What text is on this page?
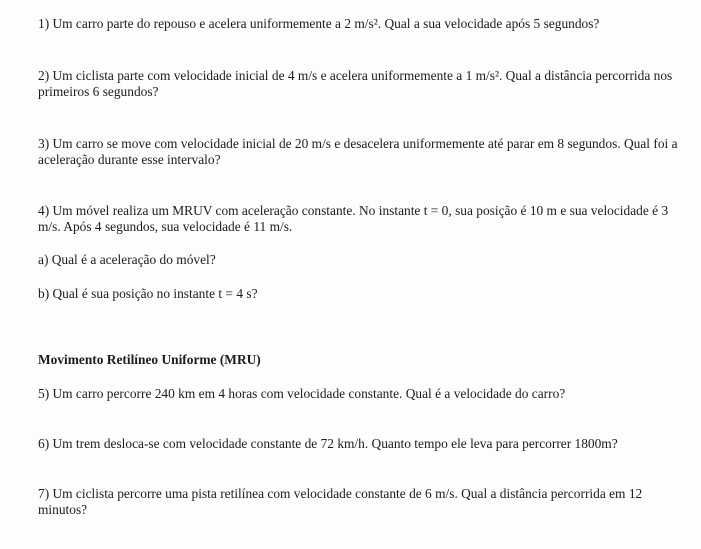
1) Um carro parte do repouso e acelera uniformemente a 2 m/s². Qual a sua velocidade após 5 segundos?

2) Um ciclista parte com velocidade inicial de 4 m/s e acelera uniformemente a 1 m/s². Qual a distância percorrida nos primeiros 6 segundos?

3) Um carro se move com velocidade inicial de 20 m/s e desacelera uniformemente até parar em 8 segundos. Qual foi a aceleração durante esse intervalo?

4) Um móvel realiza um MRUV com aceleração constante. No instante t = 0, sua posição é 10 m e sua velocidade é 3 m/s. Após 4 segundos, sua velocidade é 11 m/s.

a) Qual é a aceleração do móvel?

b) Qual é sua posição no instante t = 4 s?

Movimento Retilíneo Uniforme (MRU)

5) Um carro percorre 240 km em 4 horas com velocidade constante. Qual é a velocidade do carro?

6) Um trem desloca-se com velocidade constante de 72 km/h. Quanto tempo ele leva para percorrer 1800m?

7) Um ciclista percorre uma pista retilínea com velocidade constante de 6 m/s. Qual a distância percorrida em 12 minutos?
